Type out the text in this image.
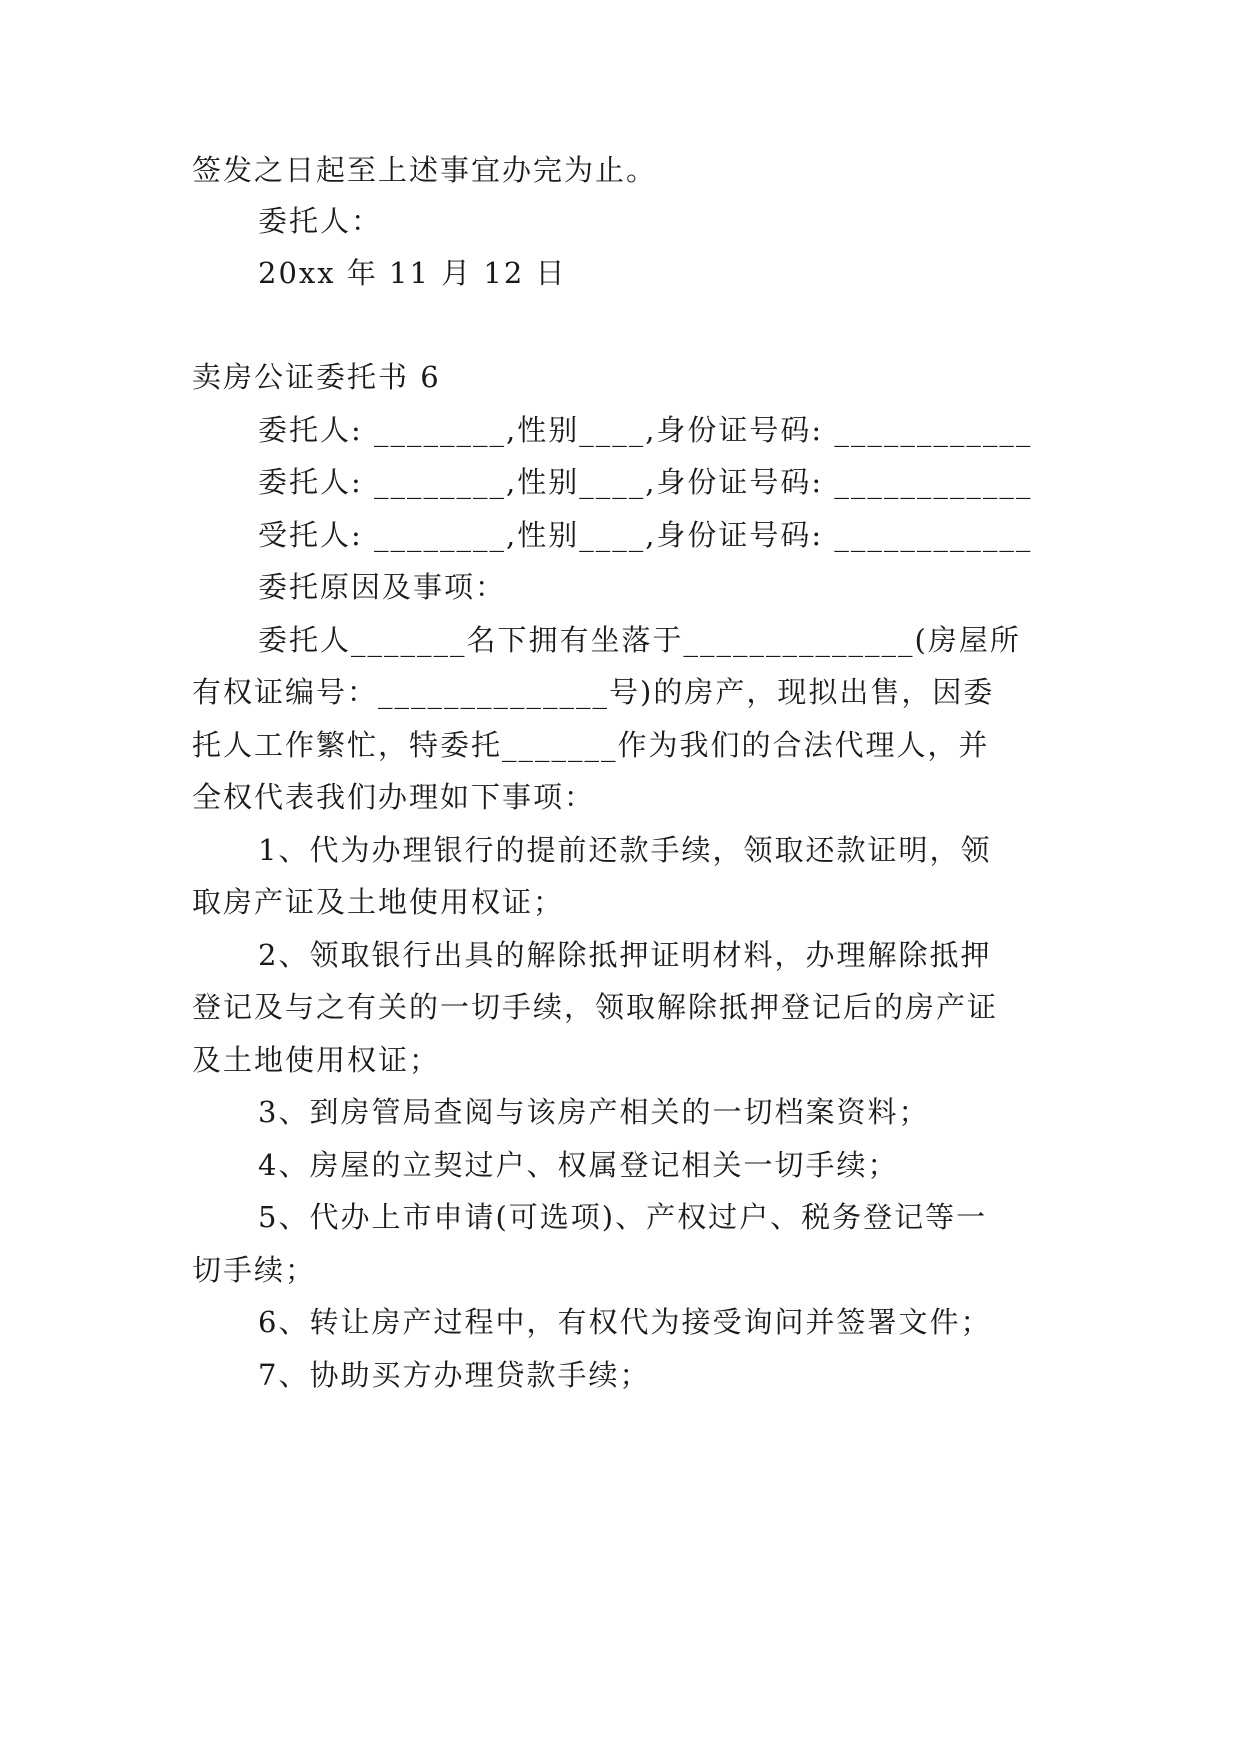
签发之日起至上述事宜办完为止。
委托人：
20xx 年 11 月 12 日
卖房公证委托书 6
委托人: ________,性别____,身份证号码: ____________
委托人: ________,性别____,身份证号码: ____________
受托人: ________,性别____,身份证号码: ____________
委托原因及事项：
委托人_______名下拥有坐落于______________(房屋所
有权证编号：______________号)的房产，现拟出售，因委
托人工作繁忙，特委托_______作为我们的合法代理人，并
全权代表我们办理如下事项：
1、代为办理银行的提前还款手续，领取还款证明，领
取房产证及土地使用权证；
2、领取银行出具的解除抵押证明材料，办理解除抵押
登记及与之有关的一切手续，领取解除抵押登记后的房产证
及土地使用权证；
3、到房管局查阅与该房产相关的一切档案资料；
4、房屋的立契过户、权属登记相关一切手续；
5、代办上市申请(可选项)、产权过户、税务登记等一
切手续；
6、转让房产过程中，有权代为接受询问并签署文件；
7、协助买方办理贷款手续；
